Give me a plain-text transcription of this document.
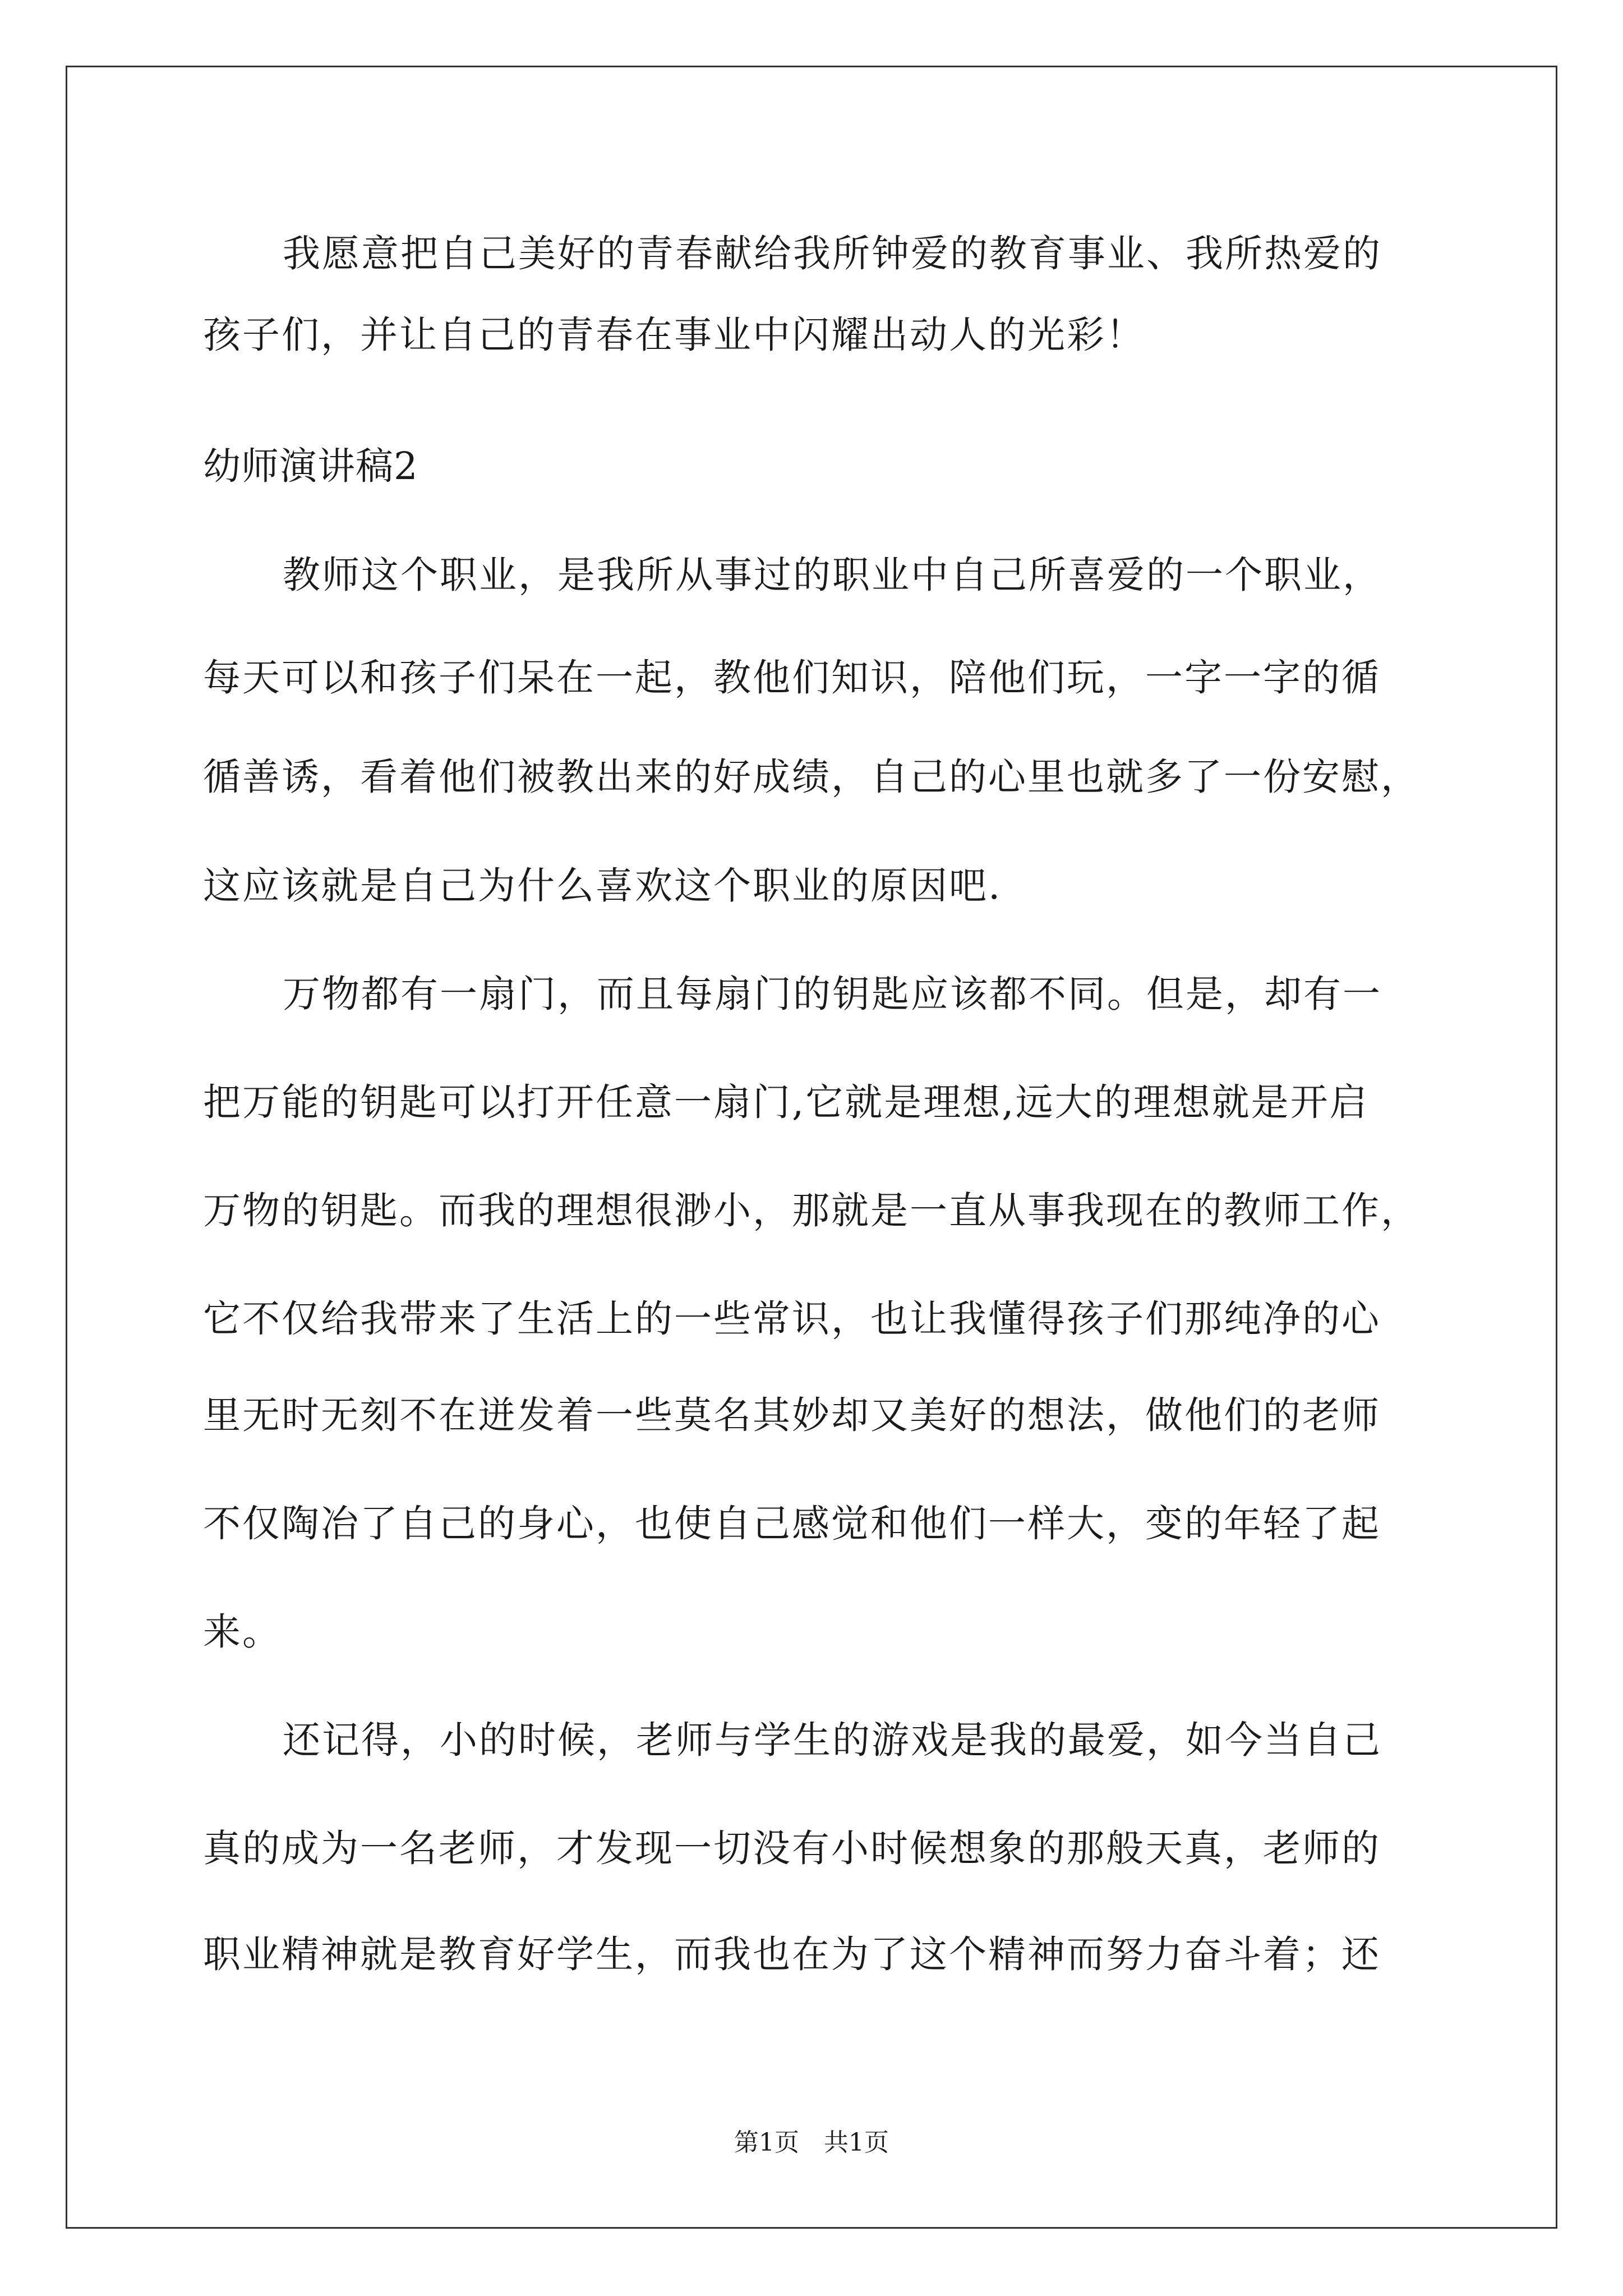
我愿意把自己美好的青春献给我所钟爱的教育事业、我所热爱的
孩子们，并让自己的青春在事业中闪耀出动人的光彩！
幼师演讲稿2
教师这个职业，是我所从事过的职业中自己所喜爱的一个职业，
每天可以和孩子们呆在一起，教他们知识，陪他们玩，一字一字的循
循善诱，看着他们被教出来的好成绩，自己的心里也就多了一份安慰，
这应该就是自己为什么喜欢这个职业的原因吧.
万物都有一扇门，而且每扇门的钥匙应该都不同。但是，却有一
把万能的钥匙可以打开任意一扇门,它就是理想,远大的理想就是开启
万物的钥匙。而我的理想很渺小，那就是一直从事我现在的教师工作，
它不仅给我带来了生活上的一些常识，也让我懂得孩子们那纯净的心
里无时无刻不在迸发着一些莫名其妙却又美好的想法，做他们的老师
不仅陶冶了自己的身心，也使自己感觉和他们一样大，变的年轻了起
来。
还记得，小的时候，老师与学生的游戏是我的最爱，如今当自己
真的成为一名老师，才发现一切没有小时候想象的那般天真，老师的
职业精神就是教育好学生，而我也在为了这个精神而努力奋斗着；还
第1页　共1页
